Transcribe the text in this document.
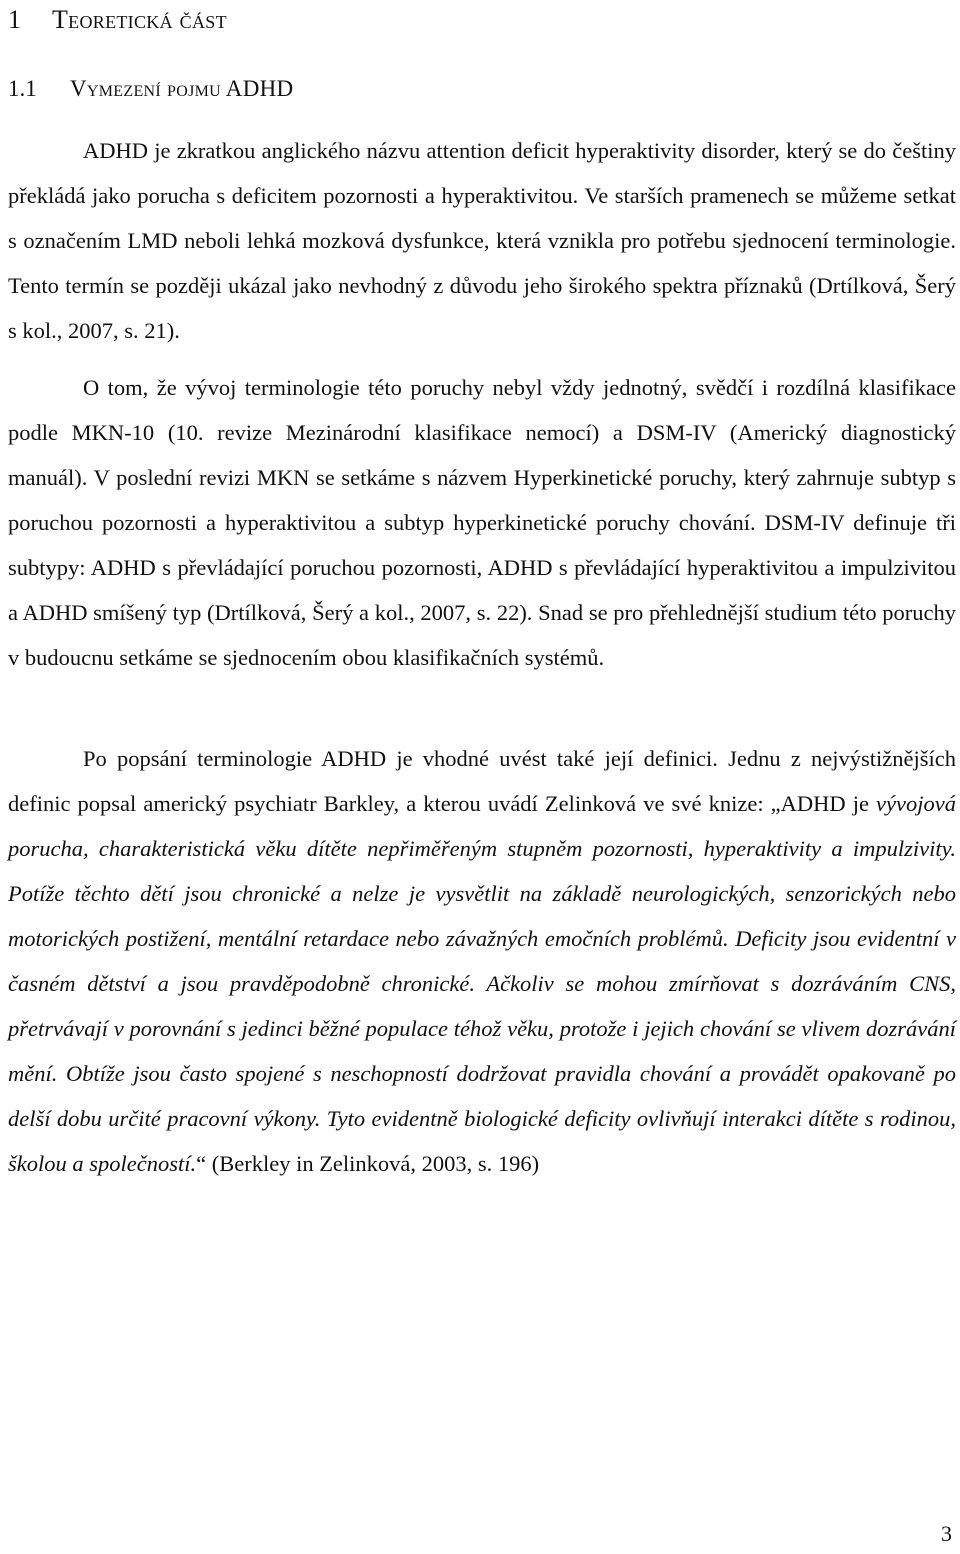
1 Teoretická část
1.1 Vymezení pojmu ADHD

ADHD je zkratkou anglického názvu attention deficit hyperaktivity disorder, který se do češtiny překládá jako porucha s deficitem pozornosti a hyperaktivitou. Ve starších pramenech se můžeme setkat s označením LMD neboli lehká mozková dysfunkce, která vznikla pro potřebu sjednocení terminologie. Tento termín se později ukázal jako nevhodný z důvodu jeho širokého spektra příznaků (Drtílková, Šerý s kol., 2007, s. 21).

O tom, že vývoj terminologie této poruchy nebyl vždy jednotný, svědčí i rozdílná klasifikace podle MKN-10 (10. revize Mezinárodní klasifikace nemocí) a DSM-IV (Americký diagnostický manuál). V poslední revizi MKN se setkáme s názvem Hyperkinetické poruchy, který zahrnuje subtyp s poruchou pozornosti a hyperaktivitou a subtyp hyperkinetické poruchy chování. DSM-IV definuje tři subtypy: ADHD s převládající poruchou pozornosti, ADHD s převládající hyperaktivitou a impulzivitou a ADHD smíšený typ (Drtílková, Šerý a kol., 2007, s. 22). Snad se pro přehlednější studium této poruchy v budoucnu setkáme se sjednocením obou klasifikačních systémů.

Po popsání terminologie ADHD je vhodné uvést také její definici. Jednu z nejvýstižnějších definic popsal americký psychiatr Barkley, a kterou uvádí Zelinková ve své knize: „ADHD je vývojová porucha, charakteristická věku dítěte nepřiměřeným stupněm pozornosti, hyperaktivity a impulzivity. Potíže těchto dětí jsou chronické a nelze je vysvětlit na základě neurologických, senzorických nebo motorických postižení, mentální retardace nebo závažných emočních problémů. Deficity jsou evidentní v časném dětství a jsou pravděpodobně chronické. Ačkoliv se mohou zmírňovat s dozráváním CNS, přetrvávají v porovnání s jedinci běžné populace téhož věku, protože i jejich chování se vlivem dozrávání mění. Obtíže jsou často spojené s neschopností dodržovat pravidla chování a provádět opakovaně po delší dobu určité pracovní výkony. Tyto evidentně biologické deficity ovlivňují interakci dítěte s rodinou, školou a společností.“ (Berkley in Zelinková, 2003, s. 196)

3
